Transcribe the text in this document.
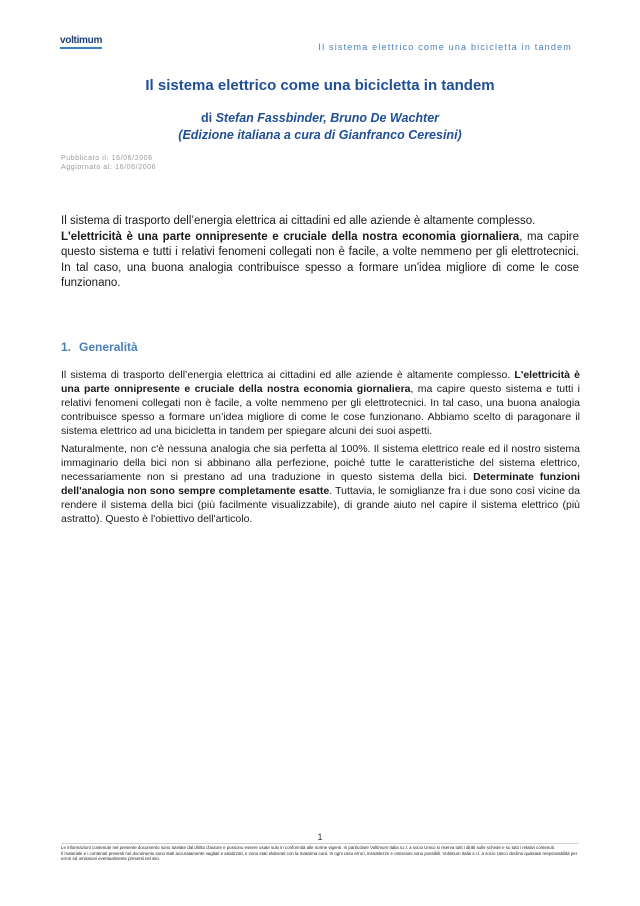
voltimum
Il sistema elettrico come una bicicletta in tandem
Il sistema elettrico come una bicicletta in tandem
di Stefan Fassbinder, Bruno De Wachter
(Edizione italiana a cura di Gianfranco Ceresini)
Pubblicato il: 16/06/2006
Aggiornato al: 16/06/2006
Il sistema di trasporto dell’energia elettrica ai cittadini ed alle aziende è altamente complesso.
L'elettricità è una parte onnipresente e cruciale della nostra economia giornaliera, ma capire questo sistema e tutti i relativi fenomeni collegati non è facile, a volte nemmeno per gli elettrotecnici. In tal caso, una buona analogia contribuisce spesso a formare un'idea migliore di come le cose funzionano.
1. Generalità
Il sistema di trasporto dell’energia elettrica ai cittadini ed alle aziende è altamente complesso. L'elettricità è una parte onnipresente e cruciale della nostra economia giornaliera, ma capire questo sistema e tutti i relativi fenomeni collegati non è facile, a volte nemmeno per gli elettrotecnici. In tal caso, una buona analogia contribuisce spesso a formare un’idea migliore di come le cose funzionano. Abbiamo scelto di paragonare il sistema elettrico ad una bicicletta in tandem per spiegare alcuni dei suoi aspetti.
Naturalmente, non c'è nessuna analogia che sia perfetta al 100%. Il sistema elettrico reale ed il nostro sistema immaginario della bici non si abbinano alla perfezione, poiché tutte le caratteristiche del sistema elettrico, necessariamente non si prestano ad una traduzione in questo sistema della bici. Determinate funzioni dell'analogia non sono sempre completamente esatte. Tuttavia, le somiglianze fra i due sono così vicine da rendere il sistema della bici (più facilmente visualizzabile), di grande aiuto nel capire il sistema elettrico (più astratto). Questo è l'obiettivo dell'articolo.
1

Le informazioni contenute nel presente documento sono tutelate dal diritto d'autore e possono essere usate solo in conformità alle norme vigenti. In particolare Voltimum Italia s.r.l. a socio Unico si riserva tutti i diritti sulle schede e su tutti i relativi contenuti.

Il materiale e i contenuti presenti nel documento sono stati accuratamente vagliati e analizzati, e sono stati elaborati con la massima cura. In ogni caso errori, inesattezze e omissioni sono possibili. Voltimum Italia s.r.l. a socio Unico declina qualsiasi responsabilità per errori ed omissioni eventualmente presenti nel sito.
